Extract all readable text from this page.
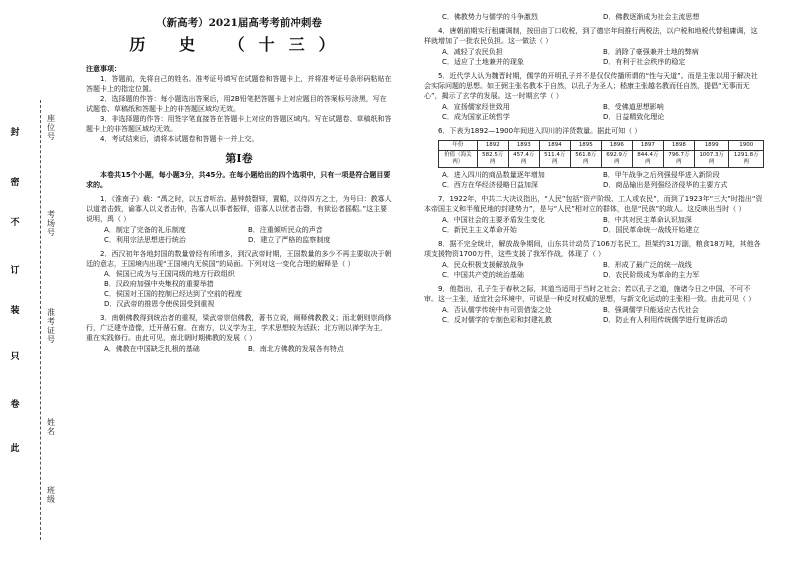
封
密
不
订
装
只
卷
此
座位号
考场号
准考证号
姓名
班级
（新高考）2021届高考考前冲刺卷
历 史 （十三）
注意事项：

1．答题前，先将自己的姓名、准考证号填写在试题卷和答题卡上，并将准考证号条形码粘贴在答题卡上的指定位置。

2．选择题的作答：每小题选出答案后，用2B铅笔把答题卡上对应题目的答案标号涂黑，写在试题卷、草稿纸和答题卡上的非答题区域均无效。

3．非选择题的作答：用签字笔直接答在答题卡上对应的答题区域内。写在试题卷、草稿纸和答题卡上的非答题区域均无效。

4．考试结束后，请将本试题卷和答题卡一并上交。

第Ⅰ卷

本卷共15个小题，每小题3分，共45分。在每小题给出的四个选项中，只有一项是符合题目要求的。

1．《淮南子》载：“禹之时，以五音听治。悬钟鼓磬铎，置鞀，以待四方之士，为号曰：教寡人以道者击鼓，谕寡人以义者击钟，告寡人以事者振铎，语寡人以忧者击磬，有狱讼者摇鞀。”这主要说明，禹（ ）

A．制定了完备的礼乐制度	B．注重倾听民众的声音
C．利用宗法思想进行统治	D．建立了严格的监察制度

2．西汉初年各地封国的数量曾经有所增多，到汉武帝时期，王国数量的多少不再主要取决于朝廷的意志，王国境内出现“王国境内无侯国”的局面。下列对这一变化合理的解释是（ ）

A．侯国已成为与王国同级的地方行政组织
B．汉政府加强中央集权的重要举措
C．侯国对王国的控制已经达到了空前的程度
D．汉武帝的推恩令使侯国受到重视

3．南朝佛教得到统治者的重视，梁武帝崇信佛教，著书立说，阐释佛教教义；而北朝则崇尚修行，广泛建寺造像，迁开凿石窟。在南方，以义学为主，学术思想较为活跃；北方则以禅学为主，重在实践修行。由此可见，南北朝时期佛教的发展（ ）

A．佛教在中国缺乏扎根的基础	B．南北方佛教的发展各有特点
C．佛教势力与儒学的斗争激烈	D．佛教逐渐成为社会主流思想

4．唐朝前期实行租庸调制，按田亩丁口收税，到了德宗年间推行两税法，以户税和地税代替租庸调，这样就增加了一批农民负担。这一做法（ ）

A．减轻了农民负担	B．消除了豪强兼并土地的弊病
C．适应了土地兼并的现象	D．有利于社会秩序的稳定

5．近代学人认为魏晋时期，儒学的开明孔子并不是仅仅传播所谓的“性与天道”。而是主张以用于解决社会实际问题的思想。如王弼主张名教本于自然，以孔子为圣人；嵇康主张越名教而任自然，提倡“无事而无心”，揭示了玄学的发展。这一时期玄学（ ）

A．宣扬儒家经世致用	B．受佛道思想影响
C．成为国家正统哲学	D．日益精致化理论

6．下表为1892—1900年间进入四川的洋货数量。据此可知（ ）

年份	1892	1893	1894	1895	1896	1897	1898	1899	1900
价值（海关两）	582.5万两	457.4万两	511.4万两	561.8万两	692.9万两	844.4万两	796.7万两	1007.3万两	1291.8万两
A．进入四川的商品数量逐年增加	B．甲午战争之后列强侵华进入新阶段
C．西方在华经济侵略日益加深	D．商品输出是列强经济侵华的主要方式

7．1922年，中共二大决议指出，“人民”包括“资产阶级、工人或农民”，而到了1923年“三大”时指出“资本帝国主义和半殖民地的封建势力”，是与“人民”相对立的群体，也是“民族”的敌人。这反映出当时（ ）

A．中国社会的主要矛盾发生变化	B．中共对民主革命认识加深
C．新民主主义革命开始	D．国民革命统一战线开始建立

8．据不完全统计，解放战争期间，山东共计动员了106万名民工，担架约31万副，粮食18万吨，其他各项支援物资1700万件，这些支援了我军作战，体现了（ ）

A．民众积极支援解放战争	B．形成了最广泛的统一战线
C．中国共产党的统治基础	D．农民阶级成为革命的主力军

9．他指出，孔子生于春秋之际，其道当适用于当时之社会；若以孔子之道，施诸今日之中国，不可不审。这一主张，适宜社会环境中，可说是一种反对权威的思想，与新文化运动的主张相一致。由此可见（ ）

A．否认儒学传统中有可资借鉴之处	B．强调儒学只能适应古代社会
C．反对儒学的专制色彩和封建礼教	D．防止有人利用传统儒学进行复辟活动
